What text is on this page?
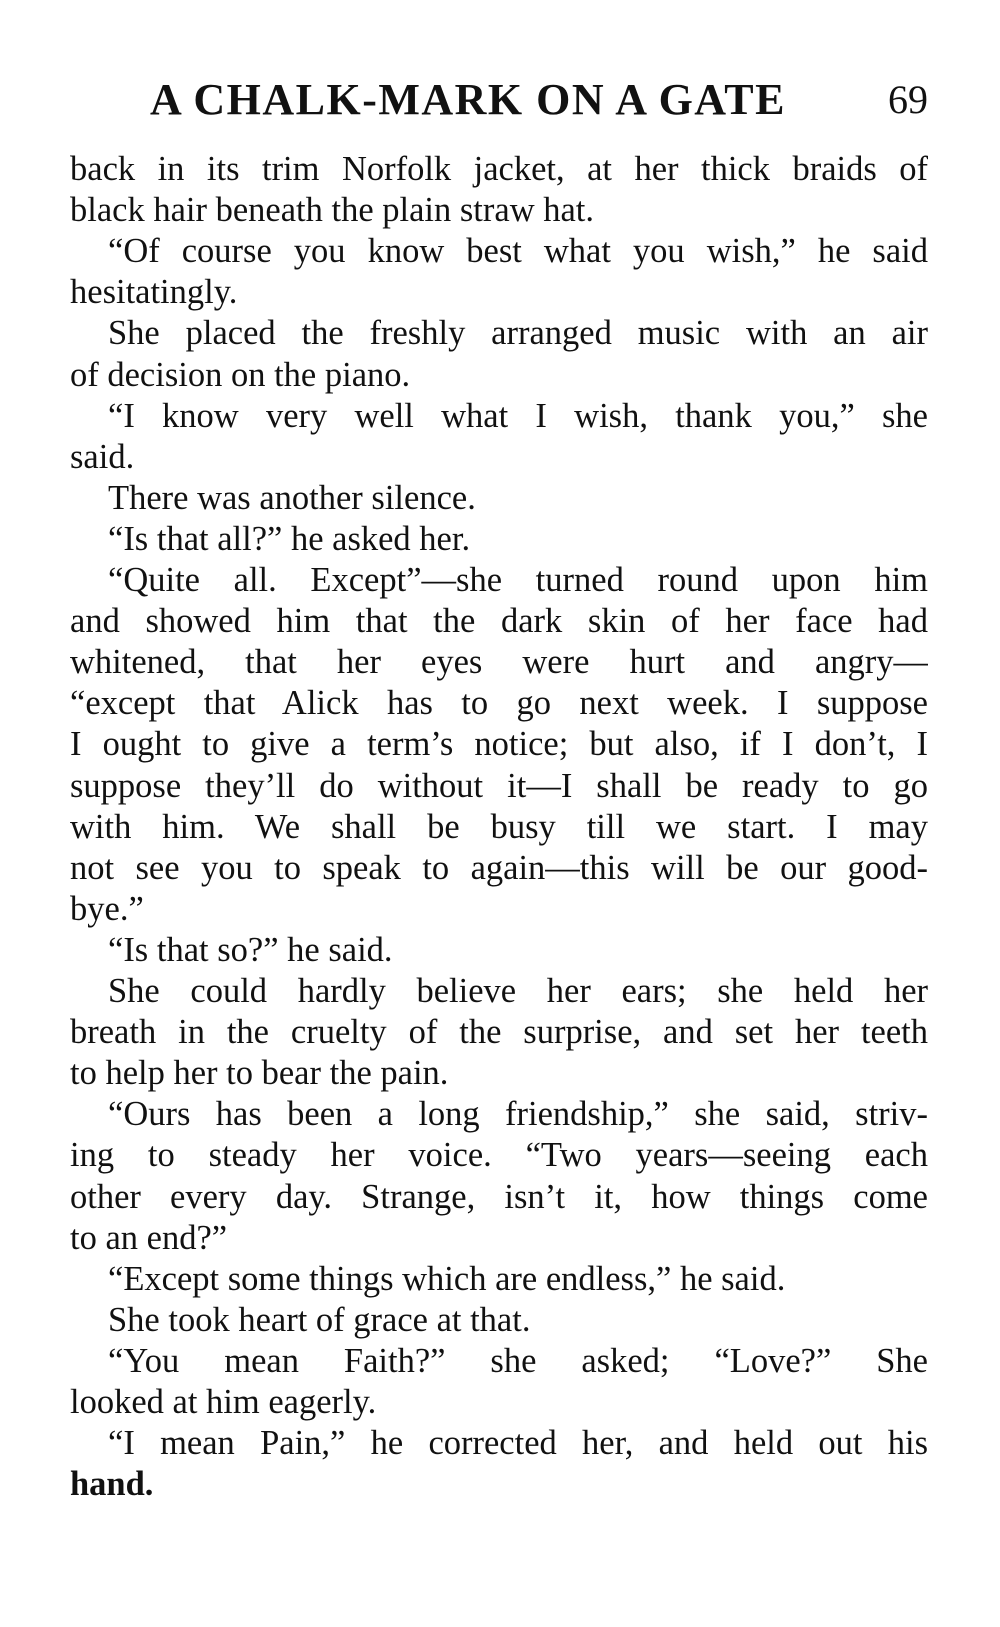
A CHALK-MARK ON A GATE	69
back in its trim Norfolk jacket, at her thick braids of
black hair beneath the plain straw hat.
“Of course you know best what you wish,” he said
hesitatingly.
She placed the freshly arranged music with an air
of decision on the piano.
“I know very well what I wish, thank you,” she
said.
There was another silence.
“Is that all?” he asked her.
“Quite all. Except”—she turned round upon him
and showed him that the dark skin of her face had
whitened, that her eyes were hurt and angry—
“except that Alick has to go next week. I suppose
I ought to give a term’s notice; but also, if I don’t, I
suppose they’ll do without it—I shall be ready to go
with him. We shall be busy till we start. I may
not see you to speak to again—this will be our good-
bye.”
“Is that so?” he said.
She could hardly believe her ears; she held her
breath in the cruelty of the surprise, and set her teeth
to help her to bear the pain.
“Ours has been a long friendship,” she said, striv-
ing to steady her voice. “Two years—seeing each
other every day. Strange, isn’t it, how things come
to an end?”
“Except some things which are endless,” he said.
She took heart of grace at that.
“You mean Faith?” she asked; “Love?” She
looked at him eagerly.
“I mean Pain,” he corrected her, and held out his
hand.
